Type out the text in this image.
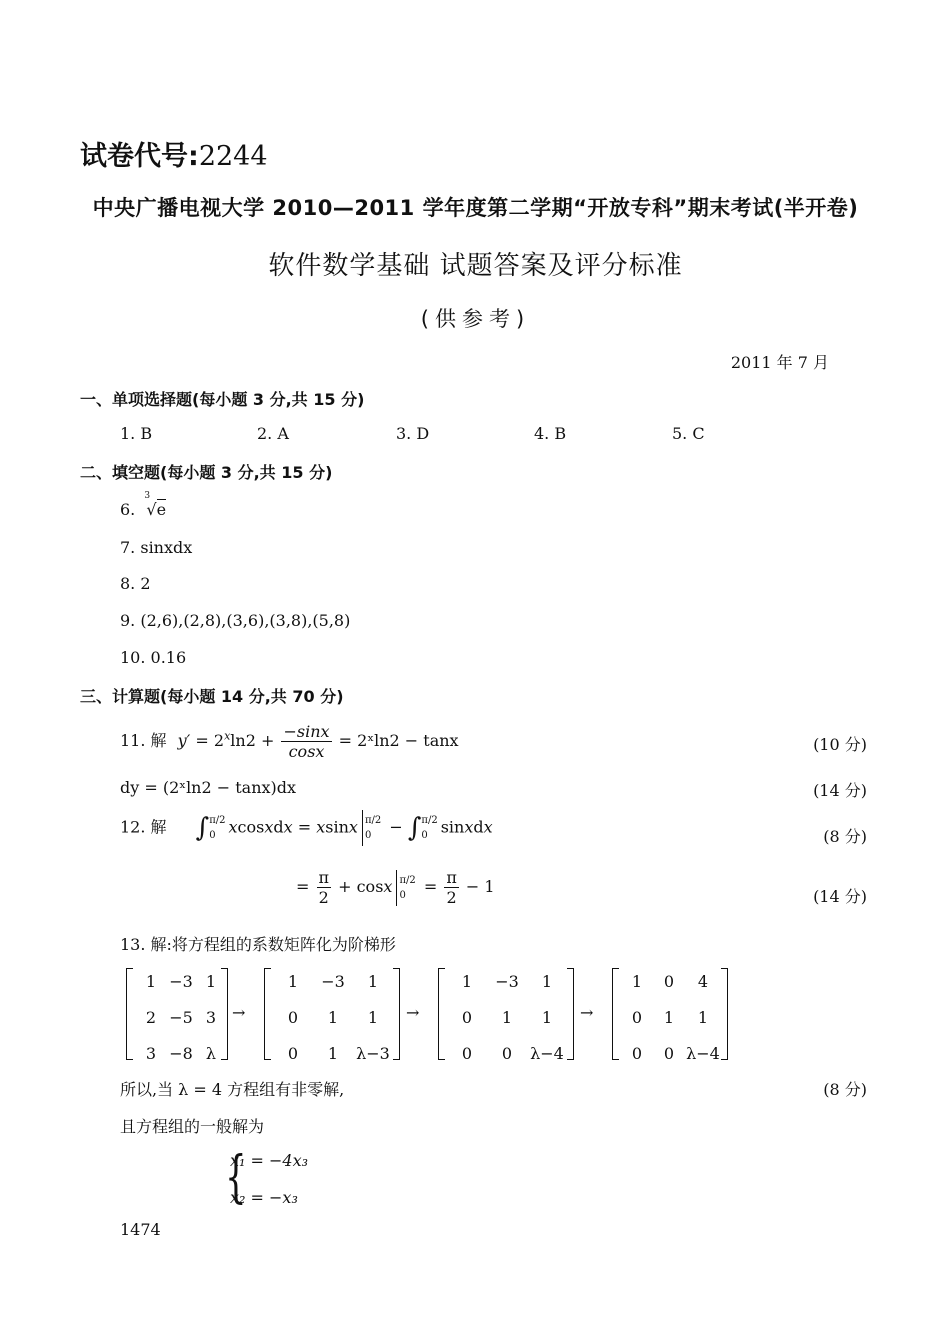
试卷代号:2244
中央广播电视大学 2010—2011 学年度第二学期“开放专科”期末考试(半开卷)
软件数学基础 试题答案及评分标准
(供参考)
2011 年 7 月
一、单项选择题(每小题 3 分,共 15 分)
1. B	2. A	3. D	4. B	5. C
二、填空题(每小题 3 分,共 15 分)
6.
3
√e
7. sinxdx
8. 2
9. (2,6),(2,8),(3,6),(3,8),(5,8)
10. 0.16
三、计算题(每小题 14 分,共 70 分)
11. 解 $y' = 2^x\ln 2 + \frac{-\sin x}{\cos x}$ = 2ˣln2 − tanx	(10 分)
dy = (2ˣln2 − tanx)dx	(14 分)
12. 解 ∫ π/2
0 xcosxdx = xsinx π/2
0 − ∫ π/2
0 sinxdx	(8 分)
= $\frac{\pi}{2} + \cos x$ π/2
$0 = \frac{\pi}{2} - 1$
(14 分)
13. 解:将方程组的系数矩阵化为阶梯形
1 −3 1
2 −5 3
3 −8 λ
→
1	−3	1
0	1	1
0	1	λ−3
→
1	−3	1
0	1	1
0	0	λ−4
→
1	0	4
0	1	1
0	0 λ−4
所以,当 λ = 4 方程组有非零解,	(8 分)
且方程组的一般解为
{
x₁ = −4x₃
x₂ = −x₃
1474
